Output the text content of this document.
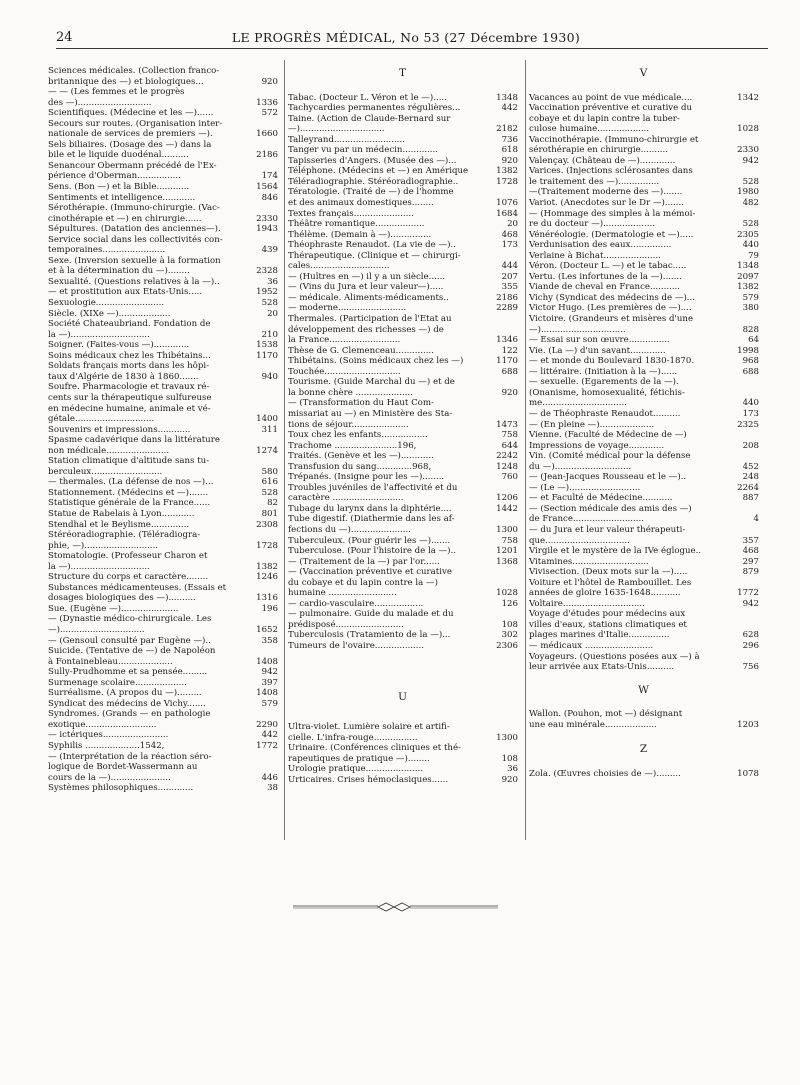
24	LE PROGRÈS MÉDICAL, No 53 (27 Décembre 1930)
Sciences médicales. (Collection franco-
britannique des —) et biologiques...	920
— — (Les femmes et le progrès
des —)...........................	1336
Scientifiques. (Médecine et les —)......	572
Secours sur routes. (Organisation inter-
nationale de services de premiers —).	1660
Sels biliaires. (Dosage des —) dans la
bile et le liquide duodénal..........	2186
Senancour Obermann précédé de l'Ex-
périence d'Oberman................	174
Sens. (Bon —) et la Bible............	1564
Sentiments et intelligence............	846
Sérothérapie. (Immuno-chirurgie. (Vac-
cinothérapie et —) en chirurgie......	2330
Sépultures. (Datation des anciennes—).	1943
Service social dans les collectivités con-
temporaines.......................	439
Sexe. (Inversion sexuelle à la formation
et à la détermination du —)........	2328
Sexualité. (Questions relatives à la —)..	36
— et prostitution aux Etats-Unis.....	1952
Sexuologie.........................	528
Siècle. (XIXe —)...................	20
Société Chateaubriand. Fondation de
la —).............................	210
Soigner. (Faites-vous —).............	1538
Soins médicaux chez les Thibétains...	1170
Soldats français morts dans les hôpi-
taux d'Algérie de 1830 à 1860.......	940
Soufre. Pharmacologie et travaux ré-
cents sur la thérapeutique sulfureuse
en médecine humaine, animale et vé-
gétale.............................	1400
Souvenirs et impressions............	311
Spasme cadavérique dans la littérature
non médicale.......................	1274
Station climatique d'altitude sans tu-
berculeux..........................	580
— thermales. (La défense de nos —)...	616
Stationnement. (Médecins et —).......	528
Statistique générale de la France......	82
Statue de Rabelais à Lyon............	801
Stendhal et le Beylisme..............	2308
Stéréoradiographie. (Téléradiogra-
phie, —)...........................	1728
Stomatologie. (Professeur Charon et
la —).............................	1382
Structure du corps et caractère........	1246
Substances médicamenteuses. (Essais et
dosages biologiques des —)..........	1316
Sue. (Eugène —).....................	196
— (Dynastie médico-chirurgicale. Les
—)...............................	1652
— (Gensoul consulté par Eugène —)..	358
Suicide. (Tentative de —) de Napoléon
à Fontainebleau....................	1408
Sully-Prudhomme et sa pensée.........	942
Surmenage scolaire...................	397
Surréalisme. (A propos du —).........	1408
Syndicat des médecins de Vichy.......	579
Syndromes. (Grands — en pathologie
exotique..........................	2290
— ictériques........................	442
Syphilis ....................1542,	1772
— (Interprétation de la réaction séro-
logique de Bordet-Wassermann au
cours de la —)......................	446
Systèmes philosophiques.............	38
T
Tabac. (Docteur L. Véron et le —).....	1348
Tachycardies permanentes régulières...	442
Taine. (Action de Claude-Bernard sur
—)...............................	2182
Talleyrand..........................	736
Tanger vu par un médecin.............	618
Tapisseries d'Angers. (Musée des —)...	920
Téléphone. (Médecins et —) en Amérique	1382
Téléradiographie. Stéréoradiographie..	1728
Tératologie. (Traité de —) de l'homme
et des animaux domestiques........	1076
Textes français......................	1684
Théâtre romantique..................	20
Thélème. (Demain à —)...............	468
Théophraste Renaudot. (La vie de —)..	173
Thérapeutique. (Clinique et — chirurgi-
cales.............................	444
— (Huîtres en —) il y a un siècle......	207
— (Vins du Jura et leur valeur—).....	355
— médicale. Aliments-médicaments..	2186
— moderne.........................	2289
Thermales. (Participation de l'Etat au
développement des richesses —) de
la France..........................	1346
Thèse de G. Clemenceau..............	122
Thibétains. (Soins médicaux chez les —)	1170
Touchée............................	688
Tourisme. (Guide Marchal du —) et de
la bonne chère .....................	920
— (Transformation du Haut Com-
missariat au —) en Ministère des Sta-
tions de séjour.....................	1473
Toux chez les enfants.................	758
Trachome .......................196,	644
Traités. (Genève et les —)............	2242
Transfusion du sang.............968,	1248
Trépanés. (Insigne pour les —)........	760
Troubles juvéniles de l'affectivité et du
caractère ..........................	1206
Tubage du larynx dans la diphtérie....	1442
Tube digestif. (Diathermie dans les af-
fections du —)......................	1300
Tuberculeux. (Pour guérir les —).......	758
Tuberculose. (Pour l'histoire de la —)..	1201
— (Traitement de la —) par l'or......	1368
— (Vaccination préventive et curative
du cobaye et du lapin contre la —)
humaine .........................	1028
— cardio-vasculaire..................	126
— pulmonaire. Guide du malade et du
prédisposé.........................	108
Tuberculosis (Tratamiento de la —)...	302
Tumeurs de l'ovaire..................	2306
U
Ultra-violet. Lumière solaire et artifi-
cielle. L'infra-rouge................	1300
Urinaire. (Conférences cliniques et thé-
rapeutiques de pratique —)........	108
Urologie pratique.....................	36
Urticaires. Crises hémoclasiques......	920
V
Vacances au point de vue médicale....	1342
Vaccination préventive et curative du
cobaye et du lapin contre la tuber-
culose humaine...................	1028
Vaccinothérapie. (Immuno-chirurgie et
sérothérapie en chirurgie..........	2330
Valençay. (Château de —).............	942
Varices. (Injections sclérosantes dans
le traitement des —)...............	528
—(Traitement moderne des —).......	1980
Variot. (Anecdotes sur le Dr —).......	482
— (Hommage des simples à la mémoi-
re du docteur —)...................	528
Vénéréologie. (Dermatologie et —).....	2305
Verdunisation des eaux...............	440
Verlaine à Bichat.....................	79
Véron. (Docteur L. —) et le tabac.....	1348
Vertu. (Les infortunes de la —).......	2097
Viande de cheval en France...........	1382
Vichy (Syndicat des médecins de —)...	579
Victor Hugo. (Les premières de —)....	380
Victoire. (Grandeurs et misères d'une
—)...............................	828
— Essai sur son œuvre...............	64
Vie. (La —) d'un savant.............	1998
— et monde du Boulevard 1830-1870.	968
— littéraire. (Initiation à la —)......	688
— sexuelle. (Egarements de la —).
(Onanisme, homosexualité, fétichis-
me...............................	440
— de Théophraste Renaudot..........	173
— (En pleine —)....................	2325
Vienne. (Faculté de Médecine de —)
Impressions de voyage.............	208
Vin. (Comité médical pour la défense
du —)............................	452
— (Jean-Jacques Rousseau et le —)..	248
— (Le —)..........................	2264
— et Faculté de Médecine...........	887
— (Section médicale des amis des —)
de France..........................	4
— du Jura et leur valeur thérapeuti-
que...............................	357
Virgile et le mystère de la IVe églogue..	468
Vitamines............................	297
Vivisection. (Deux mots sur la —).....	879
Voiture et l'hôtel de Rambouillet. Les
années de gloire 1635-1648...........	1772
Voltaire..............................	942
Voyage d'études pour médecins aux
villes d'eaux, stations climatiques et
plages marines d'Italie...............	628
— médicaux .........................	296
Voyageurs. (Questions posées aux —) à
leur arrivée aux Etats-Unis..........	756
W
Wallon. (Pouhon, mot —) désignant
une eau minérale...................	1203
Z
Zola. (Œuvres choisies de —).........	1078
